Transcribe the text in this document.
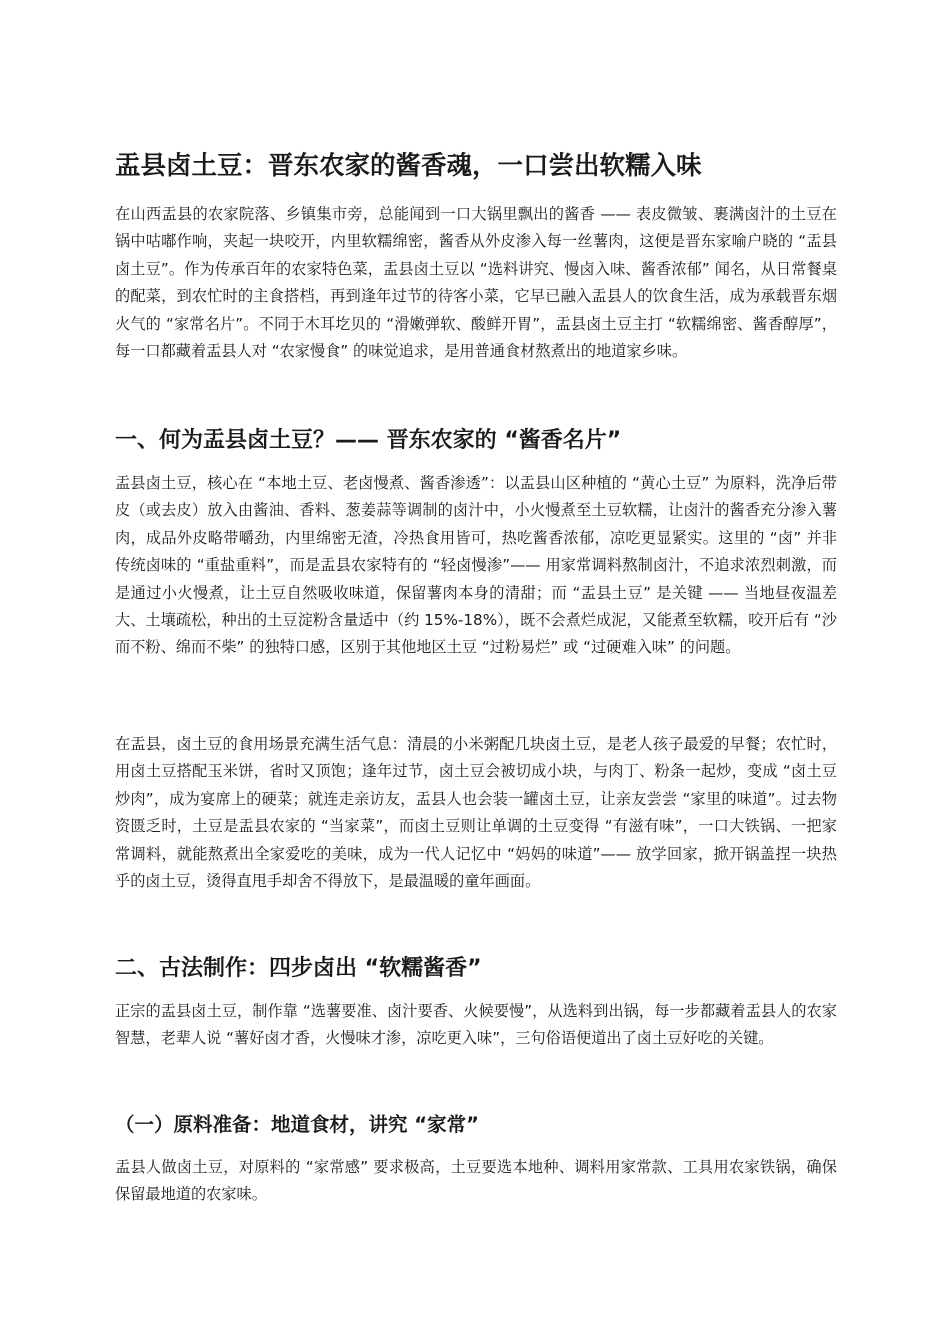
盂县卤土豆：晋东农家的酱香魂，一口尝出软糯入味

在山西盂县的农家院落、乡镇集市旁，总能闻到一口大锅里飘出的酱香 —— 表皮微皱、裹满卤汁的土豆在锅中咕嘟作响，夹起一块咬开，内里软糯绵密，酱香从外皮渗入每一丝薯肉，这便是晋东家喻户晓的 “盂县卤土豆”。作为传承百年的农家特色菜，盂县卤土豆以 “选料讲究、慢卤入味、酱香浓郁” 闻名，从日常餐桌的配菜，到农忙时的主食搭档，再到逢年过节的待客小菜，它早已融入盂县人的饮食生活，成为承载晋东烟火气的 “家常名片”。不同于木耳圪贝的 “滑嫩弹软、酸鲜开胃”，盂县卤土豆主打 “软糯绵密、酱香醇厚”，每一口都藏着盂县人对 “农家慢食” 的味觉追求，是用普通食材熬煮出的地道家乡味。

一、何为盂县卤土豆？—— 晋东农家的 “酱香名片”

盂县卤土豆，核心在 “本地土豆、老卤慢煮、酱香渗透”：以盂县山区种植的 “黄心土豆” 为原料，洗净后带皮（或去皮）放入由酱油、香料、葱姜蒜等调制的卤汁中，小火慢煮至土豆软糯，让卤汁的酱香充分渗入薯肉，成品外皮略带嚼劲，内里绵密无渣，冷热食用皆可，热吃酱香浓郁，凉吃更显紧实。这里的 “卤” 并非传统卤味的 “重盐重料”，而是盂县农家特有的 “轻卤慢渗”—— 用家常调料熬制卤汁，不追求浓烈刺激，而是通过小火慢煮，让土豆自然吸收味道，保留薯肉本身的清甜；而 “盂县土豆” 是关键 —— 当地昼夜温差大、土壤疏松，种出的土豆淀粉含量适中（约 15%-18%），既不会煮烂成泥，又能煮至软糯，咬开后有 “沙而不粉、绵而不柴” 的独特口感，区别于其他地区土豆 “过粉易烂” 或 “过硬难入味” 的问题。

在盂县，卤土豆的食用场景充满生活气息：清晨的小米粥配几块卤土豆，是老人孩子最爱的早餐；农忙时，用卤土豆搭配玉米饼，省时又顶饱；逢年过节，卤土豆会被切成小块，与肉丁、粉条一起炒，变成 “卤土豆炒肉”，成为宴席上的硬菜；就连走亲访友，盂县人也会装一罐卤土豆，让亲友尝尝 “家里的味道”。过去物资匮乏时，土豆是盂县农家的 “当家菜”，而卤土豆则让单调的土豆变得 “有滋有味”，一口大铁锅、一把家常调料，就能熬煮出全家爱吃的美味，成为一代人记忆中 “妈妈的味道”—— 放学回家，掀开锅盖捏一块热乎的卤土豆，烫得直甩手却舍不得放下，是最温暖的童年画面。

二、古法制作：四步卤出 “软糯酱香”

正宗的盂县卤土豆，制作靠 “选薯要准、卤汁要香、火候要慢”，从选料到出锅，每一步都藏着盂县人的农家智慧，老辈人说 “薯好卤才香，火慢味才渗，凉吃更入味”，三句俗语便道出了卤土豆好吃的关键。

（一）原料准备：地道食材，讲究 “家常”

盂县人做卤土豆，对原料的 “家常感” 要求极高，土豆要选本地种、调料用家常款、工具用农家铁锅，确保保留最地道的农家味。
